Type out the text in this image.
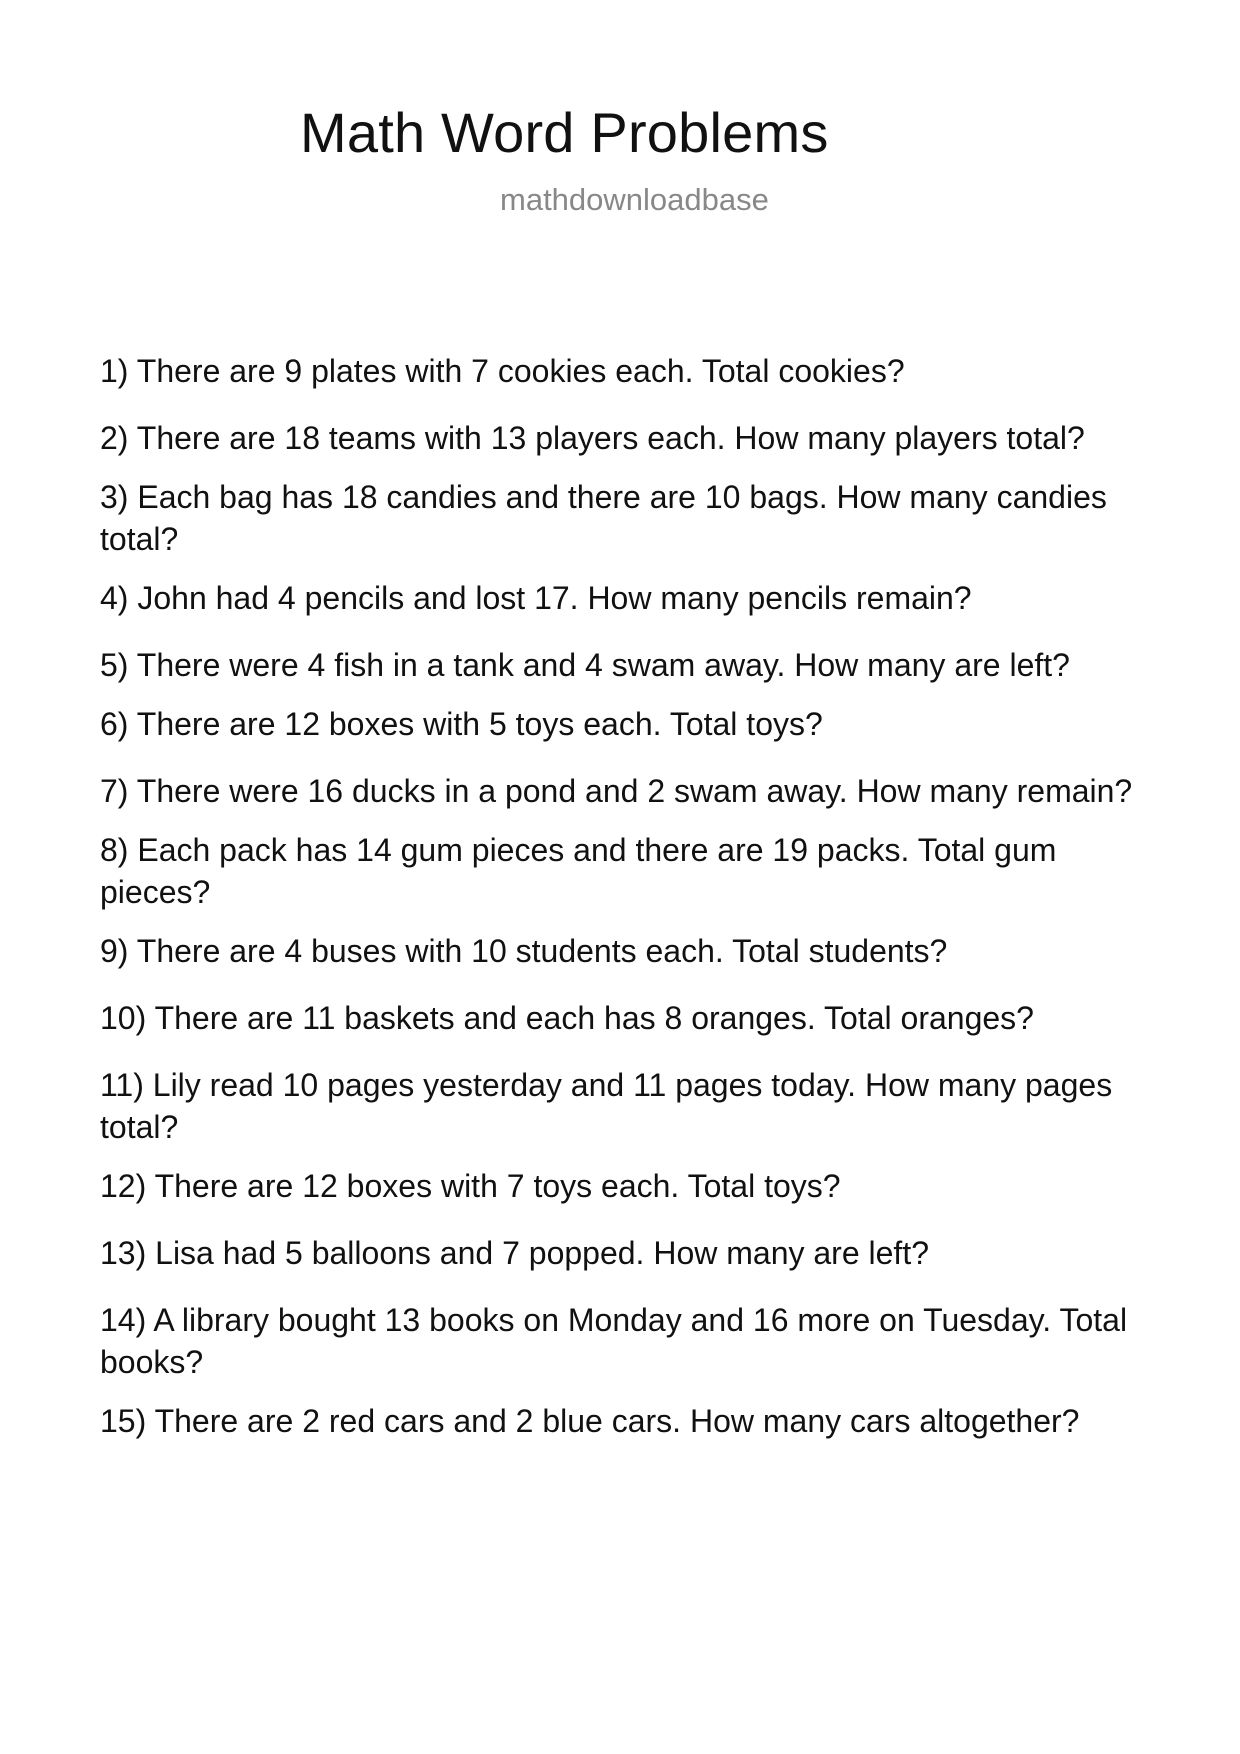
Math Word Problems
mathdownloadbase
1) There are 9 plates with 7 cookies each. Total cookies?
2) There are 18 teams with 13 players each. How many players total?
3) Each bag has 18 candies and there are 10 bags. How many candies total?
4) John had 4 pencils and lost 17. How many pencils remain?
5) There were 4 fish in a tank and 4 swam away. How many are left?
6) There are 12 boxes with 5 toys each. Total toys?
7) There were 16 ducks in a pond and 2 swam away. How many remain?
8) Each pack has 14 gum pieces and there are 19 packs. Total gum pieces?
9) There are 4 buses with 10 students each. Total students?
10) There are 11 baskets and each has 8 oranges. Total oranges?
11) Lily read 10 pages yesterday and 11 pages today. How many pages total?
12) There are 12 boxes with 7 toys each. Total toys?
13) Lisa had 5 balloons and 7 popped. How many are left?
14) A library bought 13 books on Monday and 16 more on Tuesday. Total books?
15) There are 2 red cars and 2 blue cars. How many cars altogether?
